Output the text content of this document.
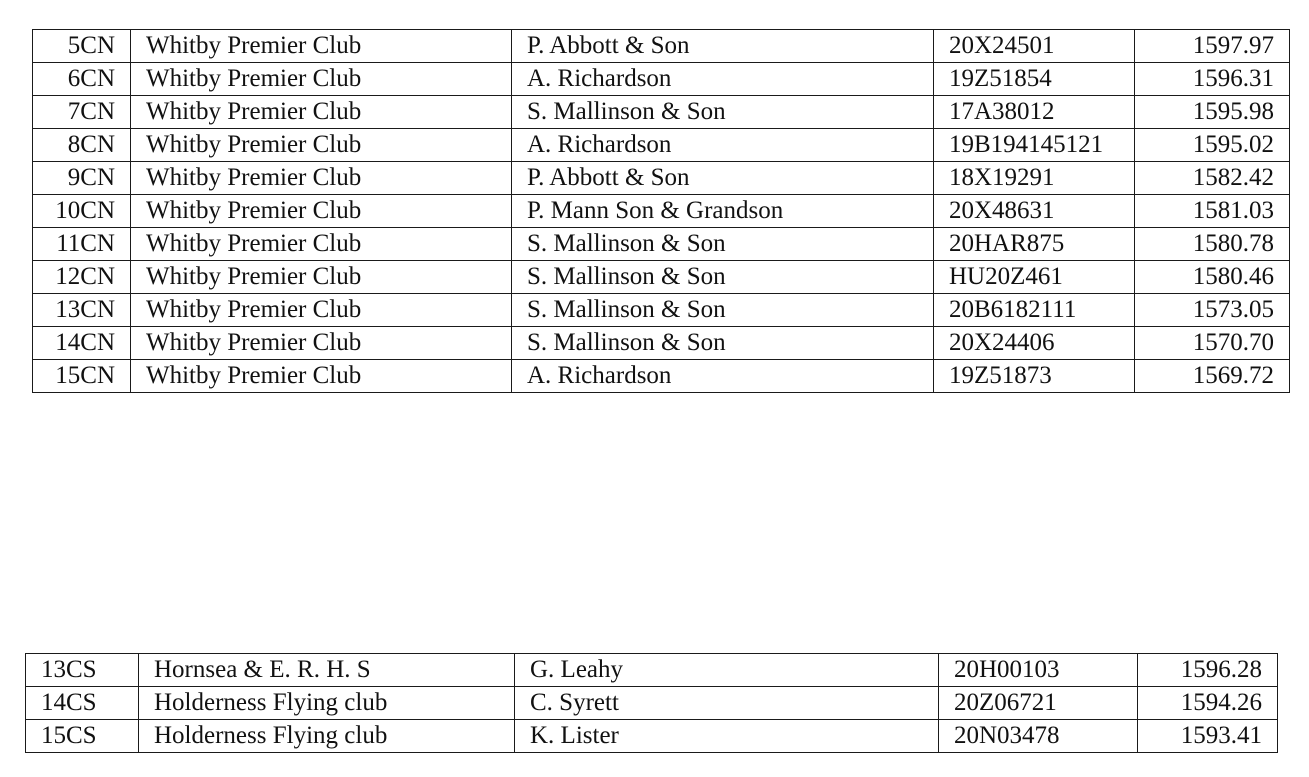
5CN	Whitby Premier Club	P. Abbott & Son	20X24501	1597.97
6CN	Whitby Premier Club	A. Richardson	19Z51854	1596.31
7CN	Whitby Premier Club	S. Mallinson & Son	17A38012	1595.98
8CN	Whitby Premier Club	A. Richardson	19B194145121	1595.02
9CN	Whitby Premier Club	P. Abbott & Son	18X19291	1582.42
10CN	Whitby Premier Club	P. Mann Son & Grandson	20X48631	1581.03
11CN	Whitby Premier Club	S. Mallinson & Son	20HAR875	1580.78
12CN	Whitby Premier Club	S. Mallinson & Son	HU20Z461	1580.46
13CN	Whitby Premier Club	S. Mallinson & Son	20B6182111	1573.05
14CN	Whitby Premier Club	S. Mallinson & Son	20X24406	1570.70
15CN	Whitby Premier Club	A. Richardson	19Z51873	1569.72
13CS	Hornsea & E. R. H. S	G. Leahy	20H00103	1596.28
14CS	Holderness Flying club	C. Syrett	20Z06721	1594.26
15CS	Holderness Flying club	K. Lister	20N03478	1593.41
